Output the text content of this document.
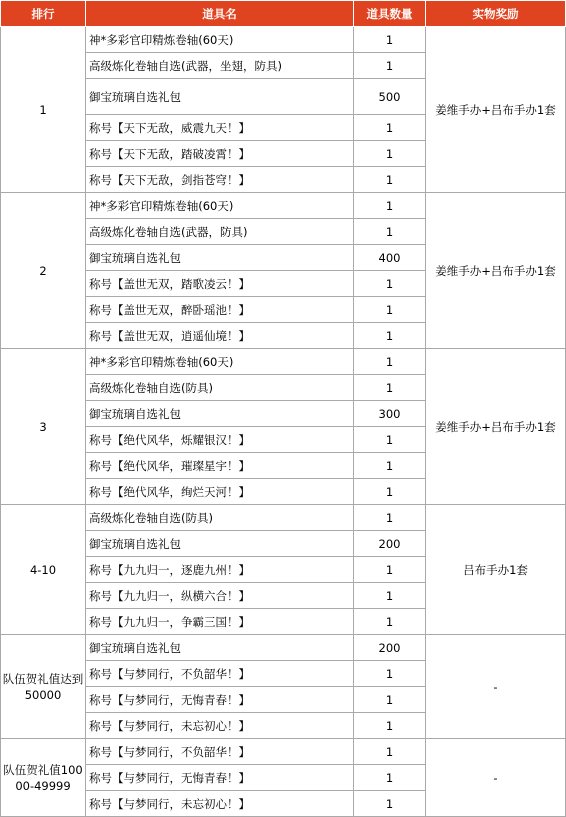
排行	道具名	道具数量	实物奖励
1	神*多彩官印精炼卷轴(60天)	1	姜维手办+吕布手办1套
	高级炼化卷轴自选(武器，坐翅，防具)	1	
	御宝琉璃自选礼包	500	
	称号【天下无敌，威震九天！】	1	
	称号【天下无敌，踏破凌霄！】	1	
	称号【天下无敌，剑指苍穹！】	1	
2	神*多彩官印精炼卷轴(60天)	1	姜维手办+吕布手办1套
	高级炼化卷轴自选(武器，防具)	1	
	御宝琉璃自选礼包	400	
	称号【盖世无双，踏歌凌云！】	1	
	称号【盖世无双，醉卧瑶池！】	1	
	称号【盖世无双，逍遥仙境！】	1	
3	神*多彩官印精炼卷轴(60天)	1	姜维手办+吕布手办1套
	高级炼化卷轴自选(防具)	1	
	御宝琉璃自选礼包	300	
	称号【绝代风华，烁耀银汉！】	1	
	称号【绝代风华，璀璨星宇！】	1	
	称号【绝代风华，绚烂天河！】	1	
4-10	高级炼化卷轴自选(防具)	1	吕布手办1套
	御宝琉璃自选礼包	200	
	称号【九九归一，逐鹿九州！】	1	
	称号【九九归一，纵横六合！】	1	
	称号【九九归一，争霸三国！】	1	
队伍贺礼值达到50000	御宝琉璃自选礼包	200	-
	称号【与梦同行，不负韶华！】	1	
	称号【与梦同行，无悔青春！】	1	
	称号【与梦同行，未忘初心！】	1	
队伍贺礼值10000-49999	称号【与梦同行，不负韶华！】	1	-
	称号【与梦同行，无悔青春！】	1	
	称号【与梦同行，未忘初心！】	1	
